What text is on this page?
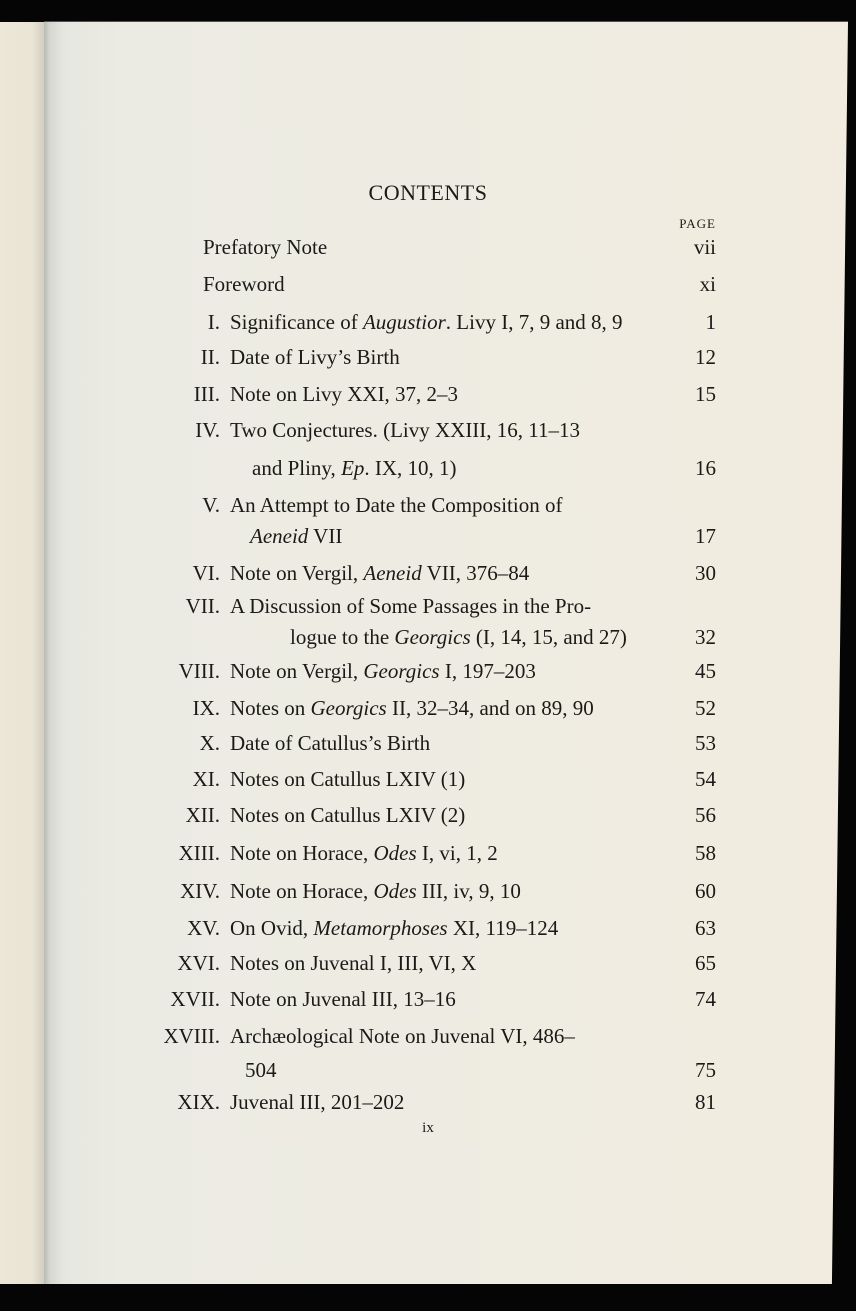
CONTENTS
PAGE
Prefatory Note	vii
Foreword	xi
I. Significance of Augustior. Livy I, 7, 9 and 8, 9	1
II. Date of Livy’s Birth	12
III. Note on Livy XXI, 37, 2–3	15
IV. Two Conjectures. (Livy XXIII, 16, 11–13
and Pliny, Ep. IX, 10, 1)	16
V. An Attempt to Date the Composition of
Aeneid VII	17
VI. Note on Vergil, Aeneid VII, 376–84	30
VII. A Discussion of Some Passages in the Pro-
logue to the Georgics (I, 14, 15, and 27)	32
VIII. Note on Vergil, Georgics I, 197–203	45
IX. Notes on Georgics II, 32–34, and on 89, 90	52
X. Date of Catullus’s Birth	53
XI. Notes on Catullus LXIV (1)	54
XII. Notes on Catullus LXIV (2)	56
XIII. Note on Horace, Odes I, vi, 1, 2	58
XIV. Note on Horace, Odes III, iv, 9, 10	60
XV. On Ovid, Metamorphoses XI, 119–124	63
XVI. Notes on Juvenal I, III, VI, X	65
XVII. Note on Juvenal III, 13–16	74
XVIII. Archæological Note on Juvenal VI, 486–
504	75
XIX. Juvenal III, 201–202	81
ix
